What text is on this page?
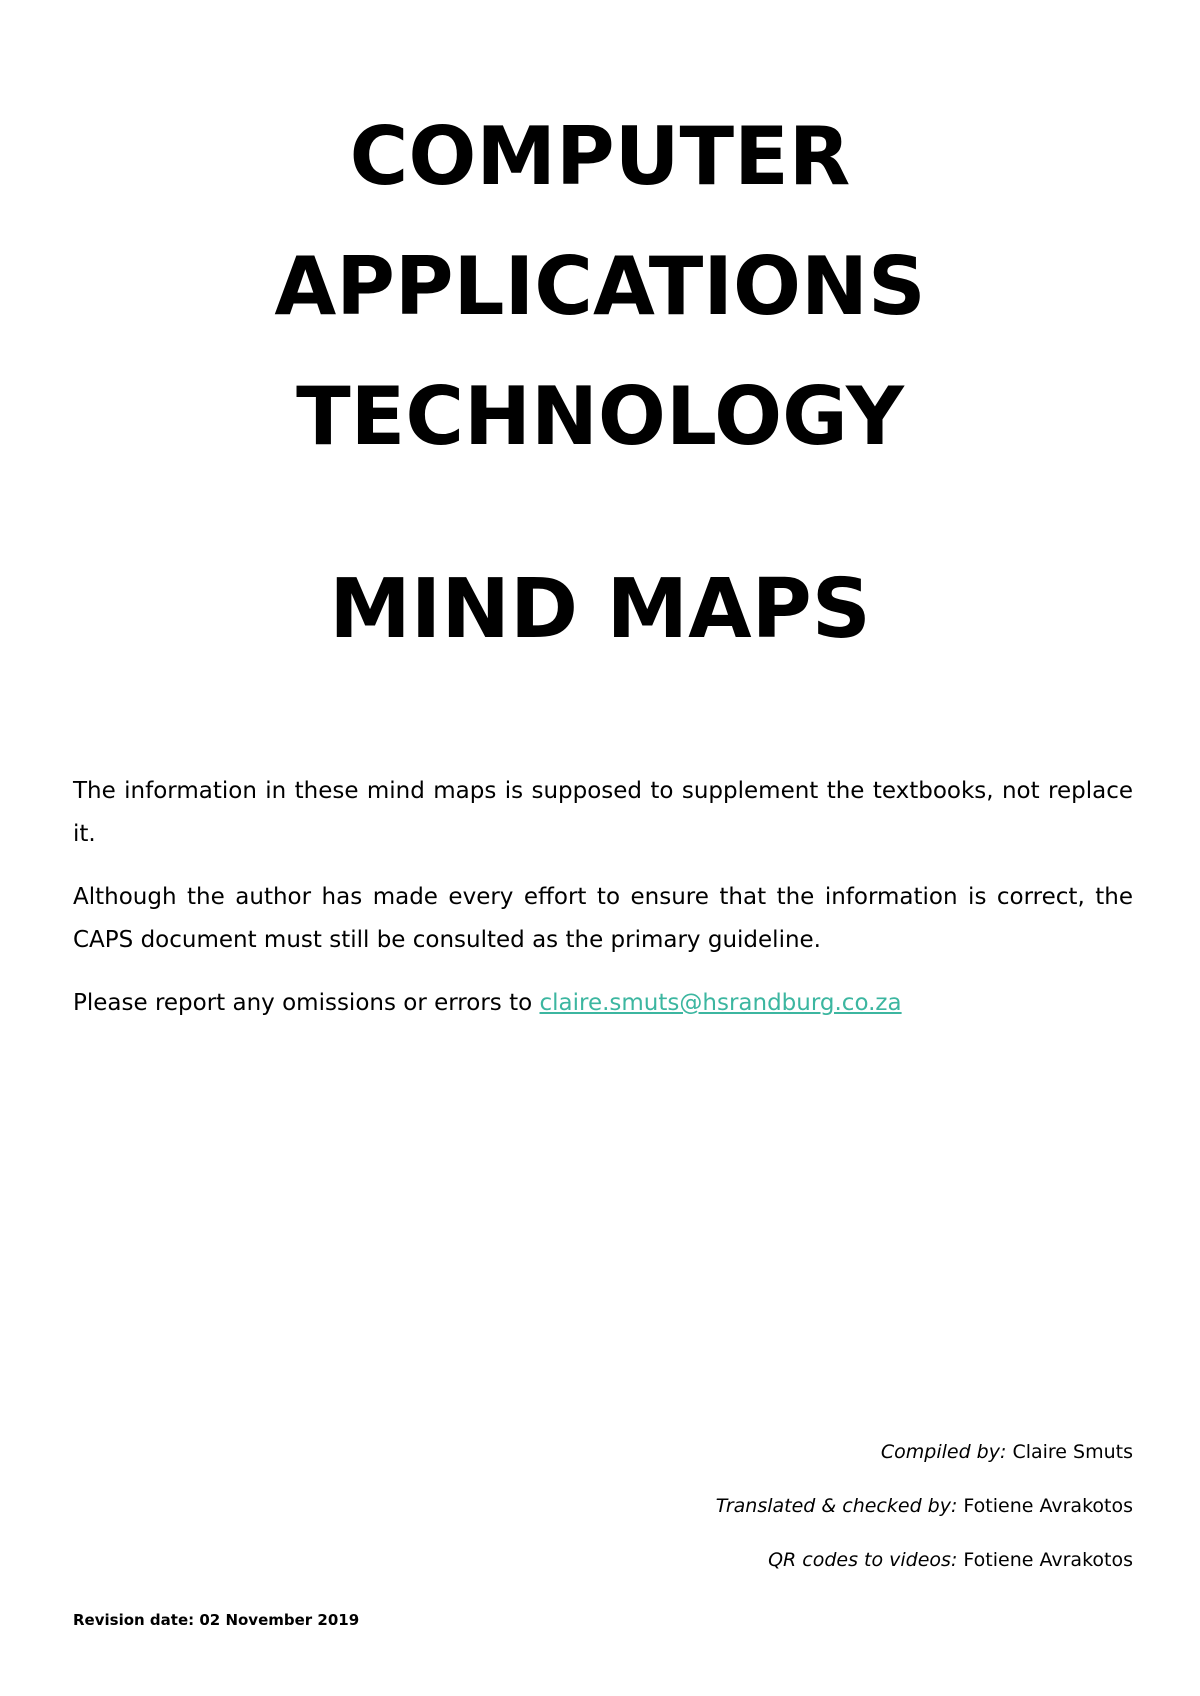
COMPUTER
APPLICATIONS
TECHNOLOGY
MIND MAPS

The information in these mind maps is supposed to supplement the textbooks, not replace it.

Although the author has made every effort to ensure that the information is correct, the CAPS document must still be consulted as the primary guideline.

Please report any omissions or errors to claire.smuts@hsrandburg.co.za

Compiled by: Claire Smuts
Translated & checked by: Fotiene Avrakotos
QR codes to videos: Fotiene Avrakotos
Revision date: 02 November 2019
